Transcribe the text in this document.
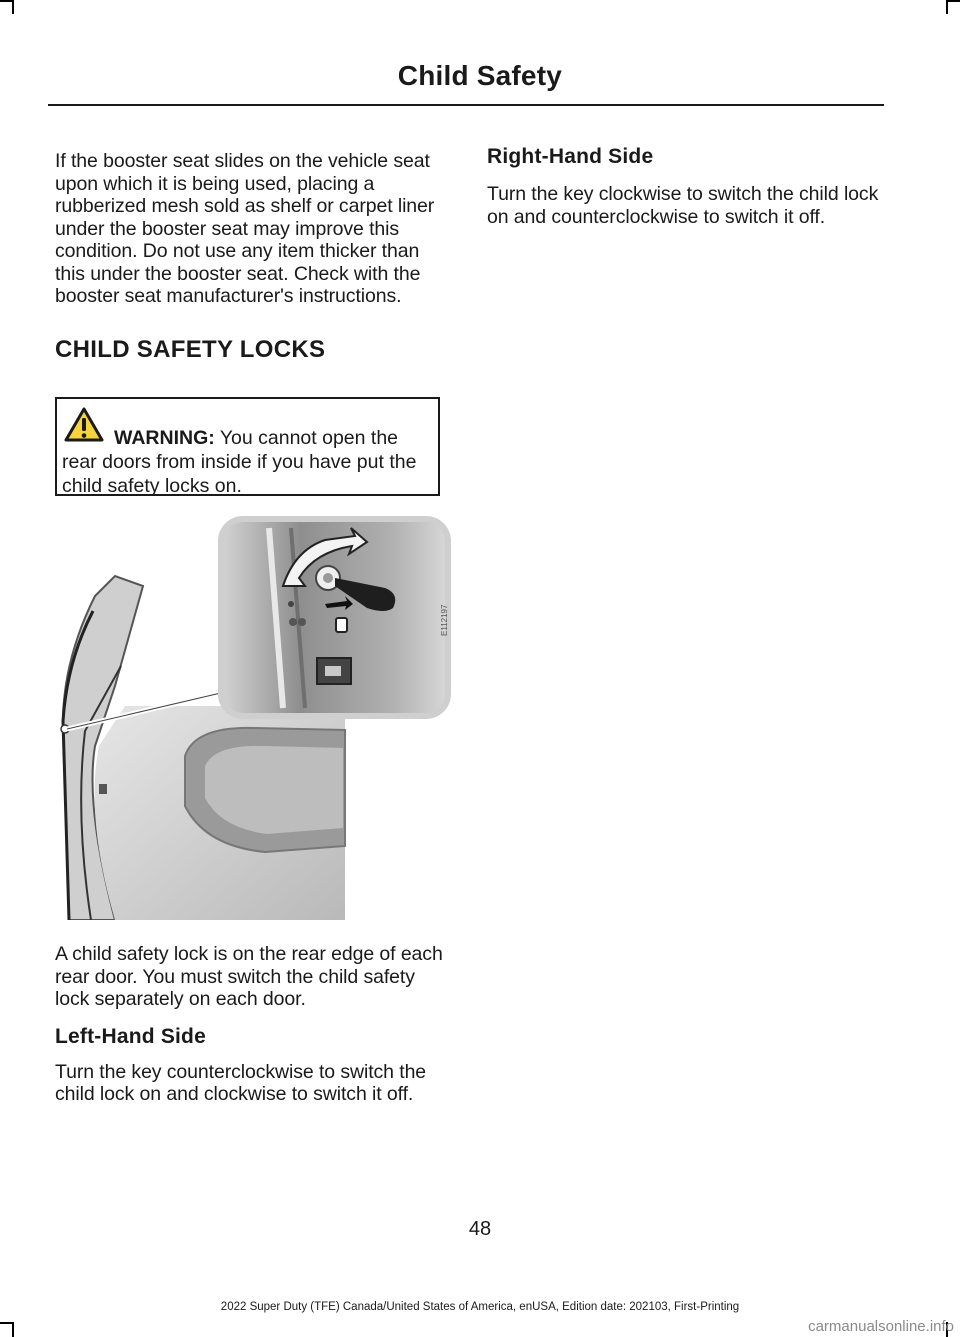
Child Safety

If the booster seat slides on the vehicle seat upon which it is being used, placing a rubberized mesh sold as shelf or carpet liner under the booster seat may improve this condition. Do not use any item thicker than this under the booster seat. Check with the booster seat manufacturer's instructions.

CHILD SAFETY LOCKS

WARNING: You cannot open the rear doors from inside if you have put the child safety locks on.

E112197

A child safety lock is on the rear edge of each rear door. You must switch the child safety lock separately on each door.

Left-Hand Side

Turn the key counterclockwise to switch the child lock on and clockwise to switch it off.

Right-Hand Side

Turn the key clockwise to switch the child lock on and counterclockwise to switch it off.

48
2022 Super Duty (TFE) Canada/United States of America, enUSA, Edition date: 202103, First-Printing
carmanualsonline.info
